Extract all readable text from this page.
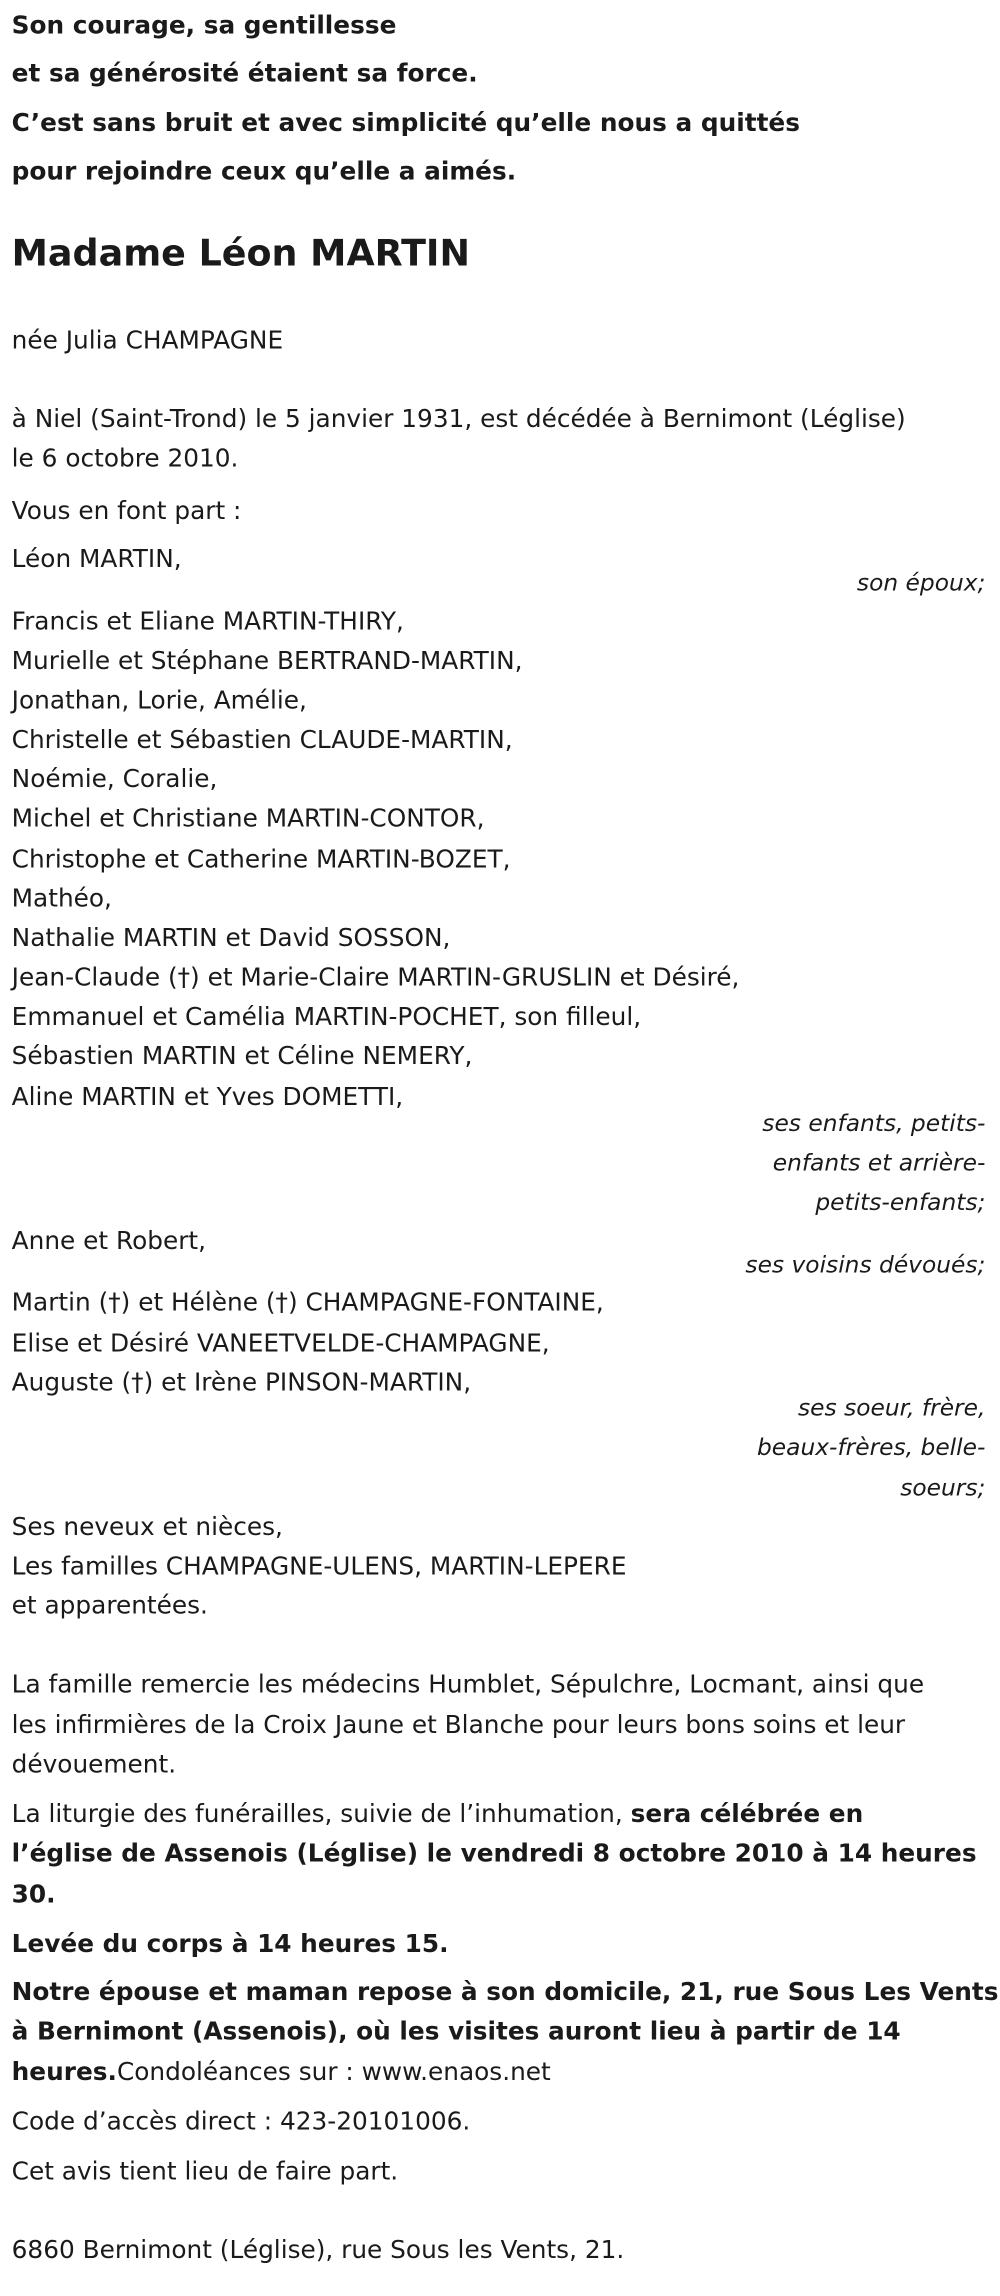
Son courage, sa gentillesse
et sa générosité étaient sa force.
C’est sans bruit et avec simplicité qu’elle nous a quittés
pour rejoindre ceux qu’elle a aimés.
Madame Léon MARTIN
née Julia CHAMPAGNE
à Niel (Saint-Trond) le 5 janvier 1931, est décédée à Bernimont (Léglise)
le 6 octobre 2010.
Vous en font part :
Léon MARTIN,
son époux;
Francis et Eliane MARTIN-THIRY,
Murielle et Stéphane BERTRAND-MARTIN,
Jonathan, Lorie, Amélie,
Christelle et Sébastien CLAUDE-MARTIN,
Noémie, Coralie,
Michel et Christiane MARTIN-CONTOR,
Christophe et Catherine MARTIN-BOZET,
Mathéo,
Nathalie MARTIN et David SOSSON,
Jean-Claude (†) et Marie-Claire MARTIN-GRUSLIN et Désiré,
Emmanuel et Camélia MARTIN-POCHET, son filleul,
Sébastien MARTIN et Céline NEMERY,
Aline MARTIN et Yves DOMETTI,
ses enfants, petits-
enfants et arrière-
petits-enfants;
Anne et Robert,
ses voisins dévoués;
Martin (†) et Hélène (†) CHAMPAGNE-FONTAINE,
Elise et Désiré VANEETVELDE-CHAMPAGNE,
Auguste (†) et Irène PINSON-MARTIN,
ses soeur, frère,
beaux-frères, belle-
soeurs;
Ses neveux et nièces,
Les familles CHAMPAGNE-ULENS, MARTIN-LEPERE
et apparentées.
La famille remercie les médecins Humblet, Sépulchre, Locmant, ainsi que
les infirmières de la Croix Jaune et Blanche pour leurs bons soins et leur
dévouement.
La liturgie des funérailles, suivie de l’inhumation, sera célébrée en
l’église de Assenois (Léglise) le vendredi 8 octobre 2010 à 14 heures
30.
Levée du corps à 14 heures 15.
Notre épouse et maman repose à son domicile, 21, rue Sous Les Vents
à Bernimont (Assenois), où les visites auront lieu à partir de 14
heures.Condoléances sur : www.enaos.net
Code d’accès direct : 423-20101006.
Cet avis tient lieu de faire part.
6860 Bernimont (Léglise), rue Sous les Vents, 21.
